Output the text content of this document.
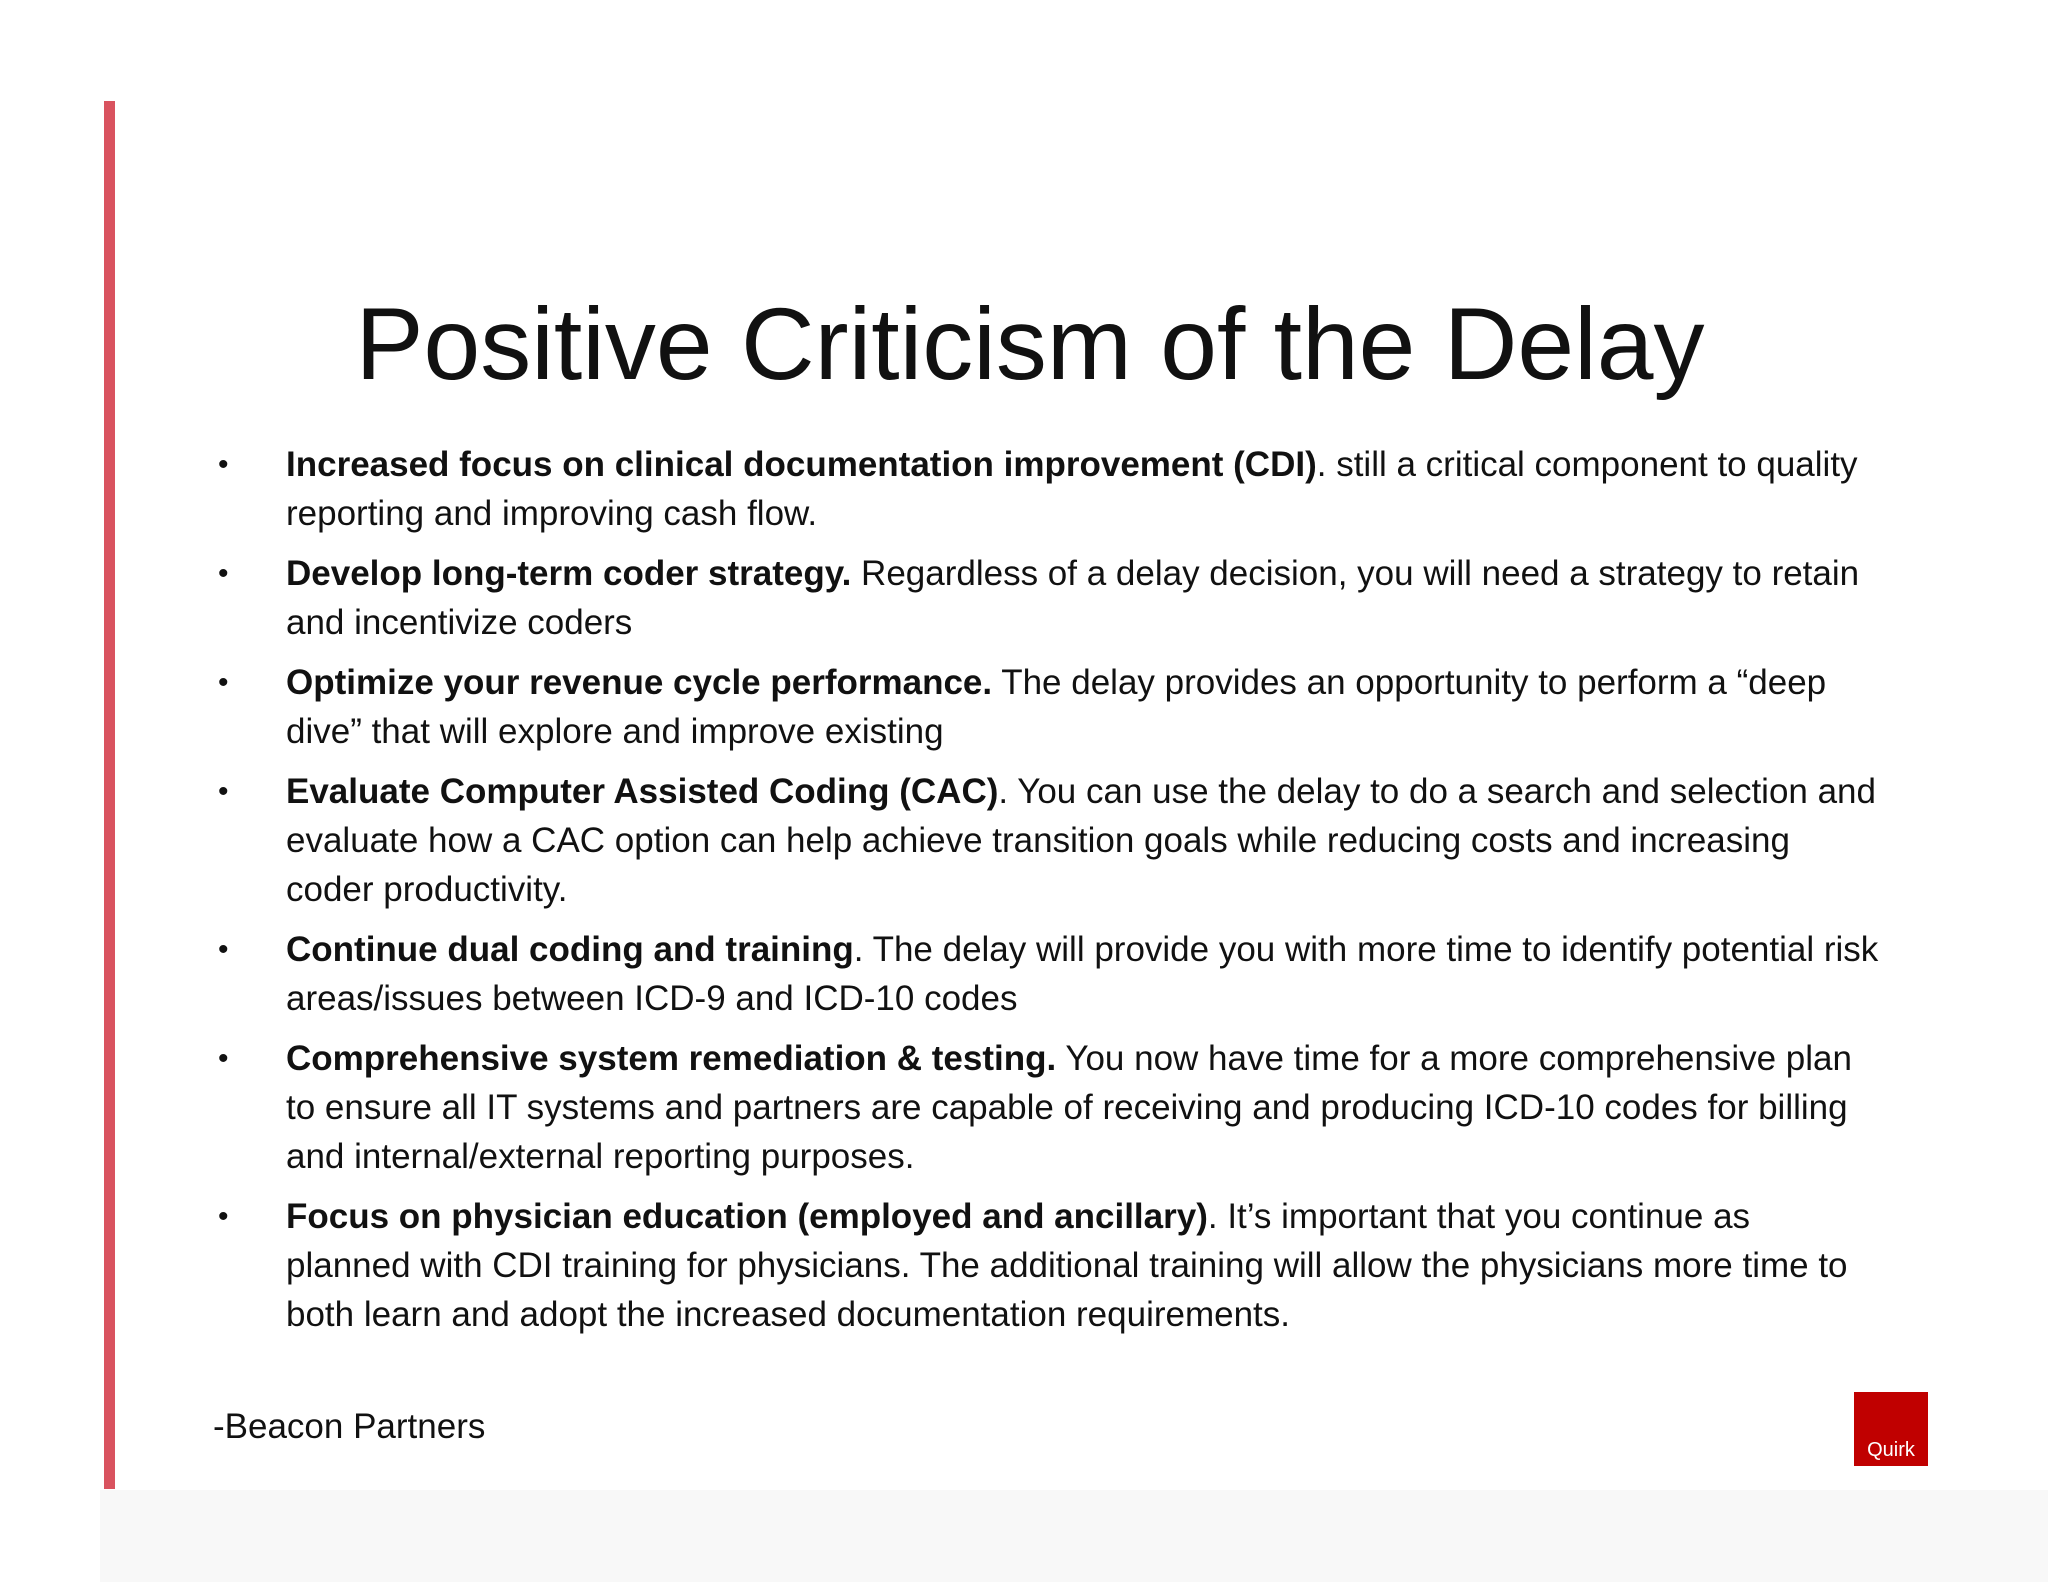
Positive Criticism of the Delay
•	Increased focus on clinical documentation improvement (CDI). still a critical component to quality reporting and improving cash flow.
•	Develop long-term coder strategy. Regardless of a delay decision, you will need a strategy to retain and incentivize coders
•	Optimize your revenue cycle performance. The delay provides an opportunity to perform a “deep dive” that will explore and improve existing
•	Evaluate Computer Assisted Coding (CAC). You can use the delay to do a search and selection and evaluate how a CAC option can help achieve transition goals while reducing costs and increasing coder productivity.
•	Continue dual coding and training. The delay will provide you with more time to identify potential risk areas/issues between ICD-9 and ICD-10 codes
•	Comprehensive system remediation & testing. You now have time for a more comprehensive plan to ensure all IT systems and partners are capable of receiving and producing ICD-10 codes for billing and internal/external reporting purposes.
•	Focus on physician education (employed and ancillary). It’s important that you continue as planned with CDI training for physicians. The additional training will allow the physicians more time to both learn and adopt the increased documentation requirements.
-Beacon Partners
Quirk
